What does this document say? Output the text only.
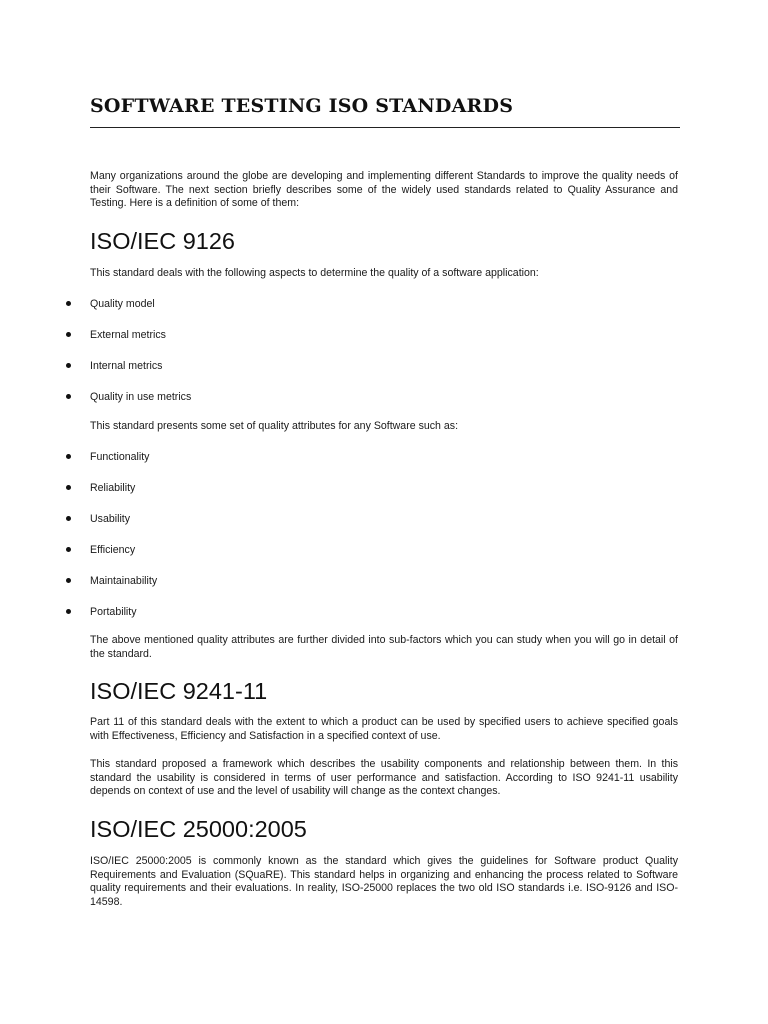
SOFTWARE TESTING ISO STANDARDS

Many organizations around the globe are developing and implementing different Standards to improve the quality needs of their Software. The next section briefly describes some of the widely used standards related to Quality Assurance and Testing. Here is a definition of some of them:

ISO/IEC 9126

This standard deals with the following aspects to determine the quality of a software application:

Quality model
External metrics
Internal metrics
Quality in use metrics

This standard presents some set of quality attributes for any Software such as:

Functionality
Reliability
Usability
Efficiency
Maintainability
Portability

The above mentioned quality attributes are further divided into sub-factors which you can study when you will go in detail of the standard.

ISO/IEC 9241-11

Part 11 of this standard deals with the extent to which a product can be used by specified users to achieve specified goals with Effectiveness, Efficiency and Satisfaction in a specified context of use.

This standard proposed a framework which describes the usability components and relationship between them. In this standard the usability is considered in terms of user performance and satisfaction. According to ISO 9241-11 usability depends on context of use and the level of usability will change as the context changes.

ISO/IEC 25000:2005

ISO/IEC 25000:2005 is commonly known as the standard which gives the guidelines for Software product Quality Requirements and Evaluation (SQuaRE). This standard helps in organizing and enhancing the process related to Software quality requirements and their evaluations. In reality, ISO-25000 replaces the two old ISO standards i.e. ISO-9126 and ISO-14598.
